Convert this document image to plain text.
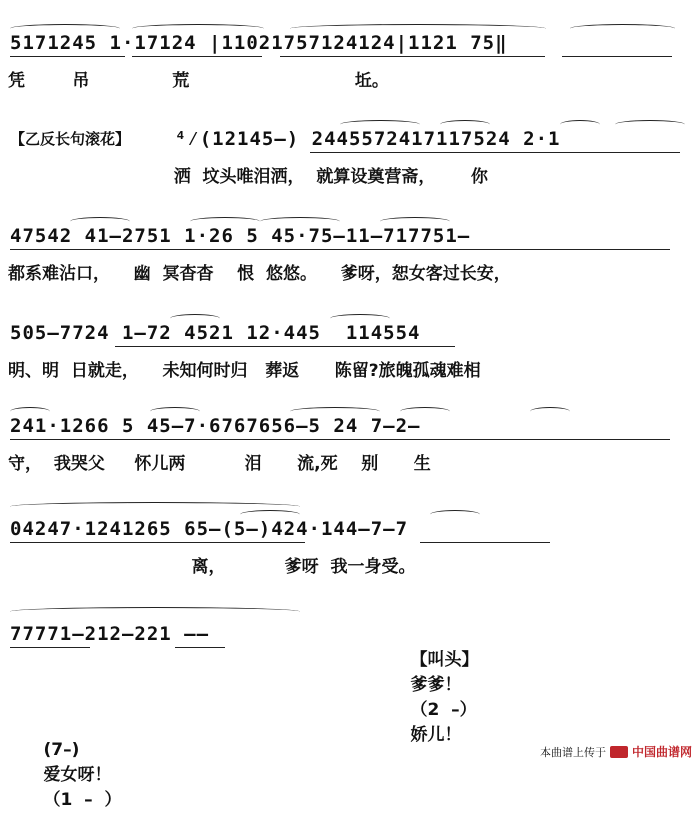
5171245 1·17124 |11021757124124|1121 75‖
凭        吊              荒                            坵。
【乙反长句滚花】 ⁴⁄(12145–) 2445572417117524 2·1
洒  坟头唯泪洒，  就算设奠营斋，      你
47542 41–2751 1·26 5 45·75–11–717751–
都系难沾口，    幽  冥杳杳    恨  悠悠。    爹呀，恕女客过长安，
505–7724 1–72 4521 12·445  114554
明、明  日就走，    未知何时归   葬返      陈留?旅魄孤魂难相
241·1266 5 45–7·6767656–5 24 7–2–
守，  我哭父     怀儿两          泪      流,死    别      生
04247·1241265 65–(5–)424·144–7–7
离，          爹呀  我一身受。
77771–212–221 ——

【叫头】
爹爹！
（2  –）
娇儿！

(7–)
爱女呀！
（1  –  ）

本曲谱上传于 中国曲谱网
